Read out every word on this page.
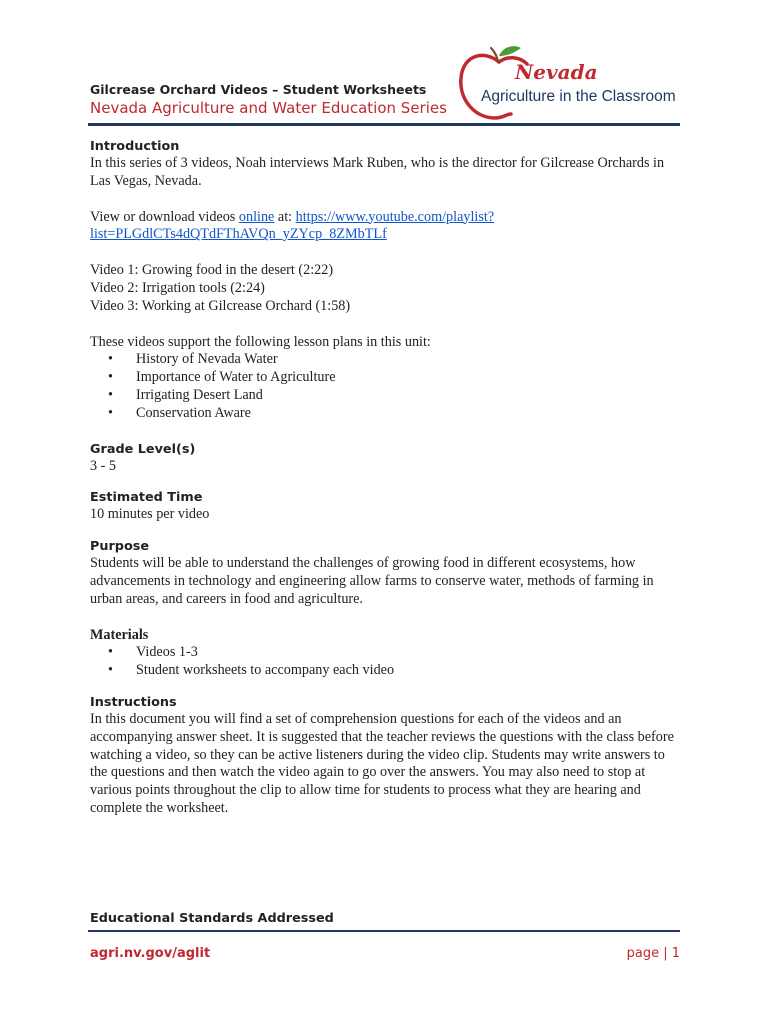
Gilcrease Orchard Videos – Student Worksheets
Nevada Agriculture and Water Education Series
Nevada
Agriculture in the Classroom
Introduction

In this series of 3 videos, Noah interviews Mark Ruben, who is the director for Gilcrease Orchards in Las Vegas, Nevada.

View or download videos online at: https://www.youtube.com/playlist?
list=PLGdlCTs4dQTdFThAVQn_yZYcp_8ZMbTLf

Video 1: Growing food in the desert (2:22)

Video 2: Irrigation tools (2:24)

Video 3: Working at Gilcrease Orchard (1:58)

These videos support the following lesson plans in this unit:

• History of Nevada Water
• Importance of Water to Agriculture
• Irrigating Desert Land
• Conservation Aware
Grade Level(s)

3 - 5

Estimated Time

10 minutes per video

Purpose

Students will be able to understand the challenges of growing food in different ecosystems, how advancements in technology and engineering allow farms to conserve water, methods of farming in urban areas, and careers in food and agriculture.

Materials
• Videos 1-3
• Student worksheets to accompany each video
Instructions

In this document you will find a set of comprehension questions for each of the videos and an accompanying answer sheet. It is suggested that the teacher reviews the questions with the class before watching a video, so they can be active listeners during the video clip. Students may write answers to the questions and then watch the video again to go over the answers. You may also need to stop at various points throughout the clip to allow time for students to process what they are hearing and complete the worksheet.

Educational Standards Addressed
agri.nv.gov/aglit	page | 1
